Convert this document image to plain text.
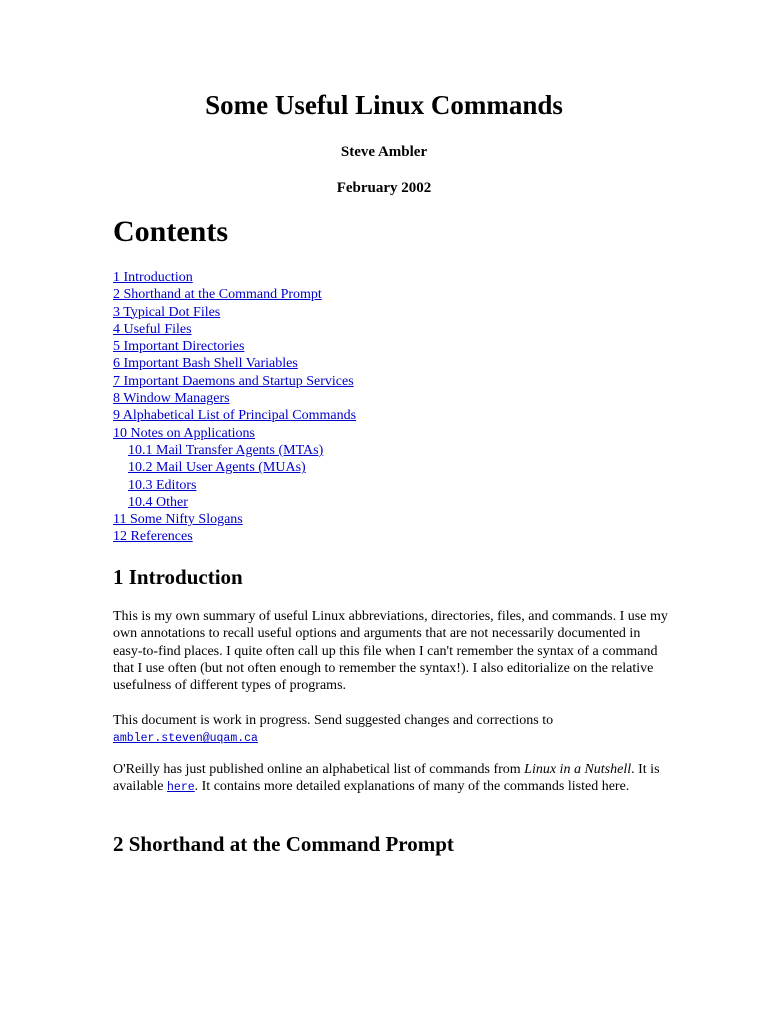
Some Useful Linux Commands

Steve Ambler

February 2002

Contents
1 Introduction
2 Shorthand at the Command Prompt
3 Typical Dot Files
4 Useful Files
5 Important Directories
6 Important Bash Shell Variables
7 Important Daemons and Startup Services
8 Window Managers
9 Alphabetical List of Principal Commands
10 Notes on Applications
10.1 Mail Transfer Agents (MTAs)
10.2 Mail User Agents (MUAs)
10.3 Editors
10.4 Other
11 Some Nifty Slogans
12 References
1 Introduction

This is my own summary of useful Linux abbreviations, directories, files, and commands. I use my own annotations to recall useful options and arguments that are not necessarily documented in easy-to-find places. I quite often call up this file when I can't remember the syntax of a command that I use often (but not often enough to remember the syntax!). I also editorialize on the relative usefulness of different types of programs.

This document is work in progress. Send suggested changes and corrections to
ambler.steven@uqam.ca

O'Reilly has just published online an alphabetical list of commands from Linux in a Nutshell. It is available here. It contains more detailed explanations of many of the commands listed here.

2 Shorthand at the Command Prompt
